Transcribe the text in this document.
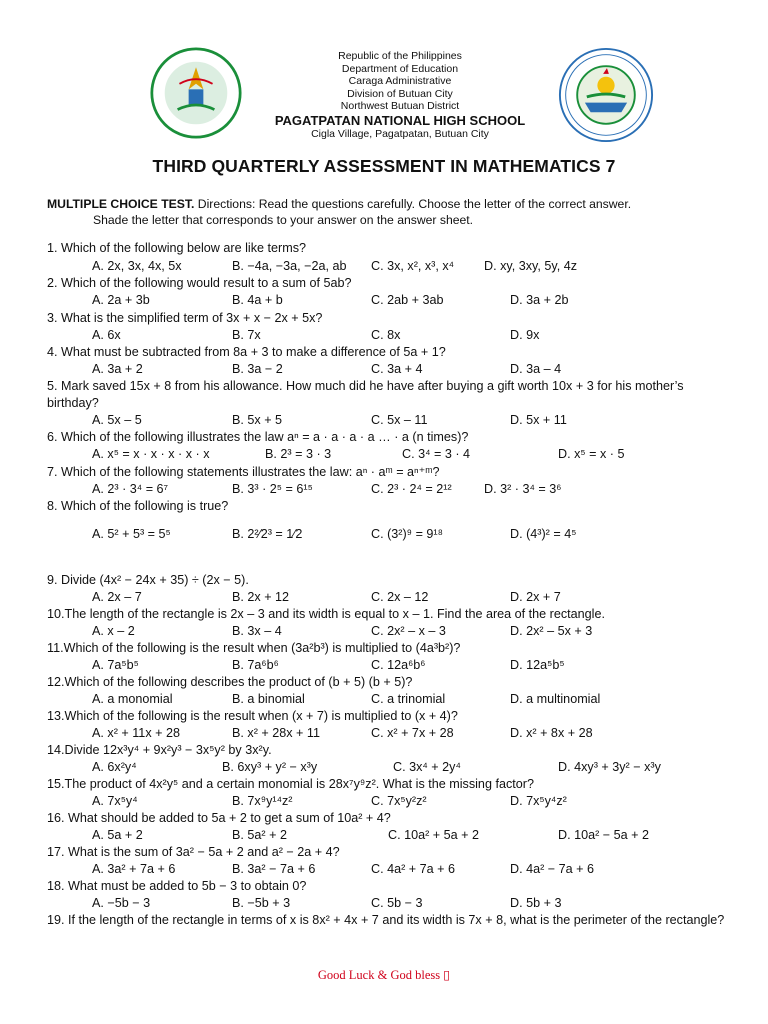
Republic of the Philippines
Department of Education
Caraga Administrative
Division of Butuan City
Northwest Butuan District
PAGATPATAN NATIONAL HIGH SCHOOL
Cigla Village, Pagatpatan, Butuan City
THIRD QUARTERLY ASSESSMENT IN MATHEMATICS 7
MULTIPLE CHOICE TEST. Directions: Read the questions carefully. Choose the letter of the correct answer.
Shade the letter that corresponds to your answer on the answer sheet.
1. Which of the following below are like terms?
A. 2x, 3x, 4x, 5x	B. −4a, −3a, −2a, ab C. 3x, x², x³, x⁴ D. xy, 3xy, 5y, 4z
2. Which of the following would result to a sum of 5ab?
A. 2a + 3b	B. 4a + b	C. 2ab + 3ab	D. 3a + 2b
3. What is the simplified term of 3x + x − 2x + 5x?
A. 6x	B. 7x	C. 8x	D. 9x
4. What must be subtracted from 8a + 3 to make a difference of 5a + 1?
A. 3a + 2	B. 3a − 2	C. 3a + 4	D. 3a – 4
5. Mark saved 15x + 8 from his allowance. How much did he have after buying a gift worth 10x + 3 for his mother’s birthday?
A. 5x – 5	B. 5x + 5	C. 5x – 11	D. 5x + 11
6. Which of the following illustrates the law aⁿ = a · a · a · a … · a (n times)?
A. x⁵ = x · x · x · x · x	B. 2³ = 3 · 3	C. 3⁴ = 3 · 4	D. x⁵ = x · 5
7. Which of the following statements illustrates the law: aⁿ · aᵐ = aⁿ⁺ᵐ?
A. 2³ · 3⁴ = 6⁷	B. 3³ · 2⁵ = 6¹⁵	C. 2³ · 2⁴ = 2¹²	D. 3² · 3⁴ = 3⁶
8. Which of the following is true?
A. 5² + 5³ = 5⁵	B. 2²⁄2³ = 1⁄2	C. (3²)⁹ = 9¹⁸	D. (4³)² = 4⁵
9. Divide (4x² − 24x + 35) ÷ (2x − 5).
A. 2x – 7	B. 2x + 12	C. 2x – 12	D. 2x + 7
10.The length of the rectangle is 2x – 3 and its width is equal to x – 1. Find the area of the rectangle.
A. x – 2	B. 3x – 4	C. 2x² – x – 3	D. 2x² – 5x + 3
11.Which of the following is the result when (3a²b³) is multiplied to (4a³b²)?
A. 7a⁵b⁵	B. 7a⁶b⁶	C. 12a⁶b⁶	D. 12a⁵b⁵
12.Which of the following describes the product of (b + 5) (b + 5)?
A. a monomial	B. a binomial	C. a trinomial	D. a multinomial
13.Which of the following is the result when (x + 7) is multiplied to (x + 4)?
A. x² + 11x + 28	B. x² + 28x + 11	C. x² + 7x + 28	D. x² + 8x + 28
14.Divide 12x³y⁴ + 9x²y³ − 3x⁵y² by 3x²y.
A. 6x²y⁴	B. 6xy³ + y² − x³y	C. 3x⁴ + 2y⁴	D. 4xy³ + 3y² − x³y
15.The product of 4x²y⁵ and a certain monomial is 28x⁷y⁹z². What is the missing factor?
A. 7x⁵y⁴	B. 7x⁹y¹⁴z²	C. 7x⁵y²z²	D. 7x⁵y⁴z²
16. What should be added to 5a + 2 to get a sum of 10a² + 4?
A. 5a + 2	B. 5a² + 2	C. 10a² + 5a + 2	D. 10a² − 5a + 2
17. What is the sum of 3a² − 5a + 2 and a² − 2a + 4?
A. 3a² + 7a + 6	B. 3a² − 7a + 6	C. 4a² + 7a + 6	D. 4a² − 7a + 6
18. What must be added to 5b − 3 to obtain 0?
A. −5b − 3	B. −5b + 3	C. 5b − 3	D. 5b + 3
19. If the length of the rectangle in terms of x is 8x² + 4x + 7 and its width is 7x + 8, what is the perimeter of the rectangle?
Good Luck & God bless ▯
